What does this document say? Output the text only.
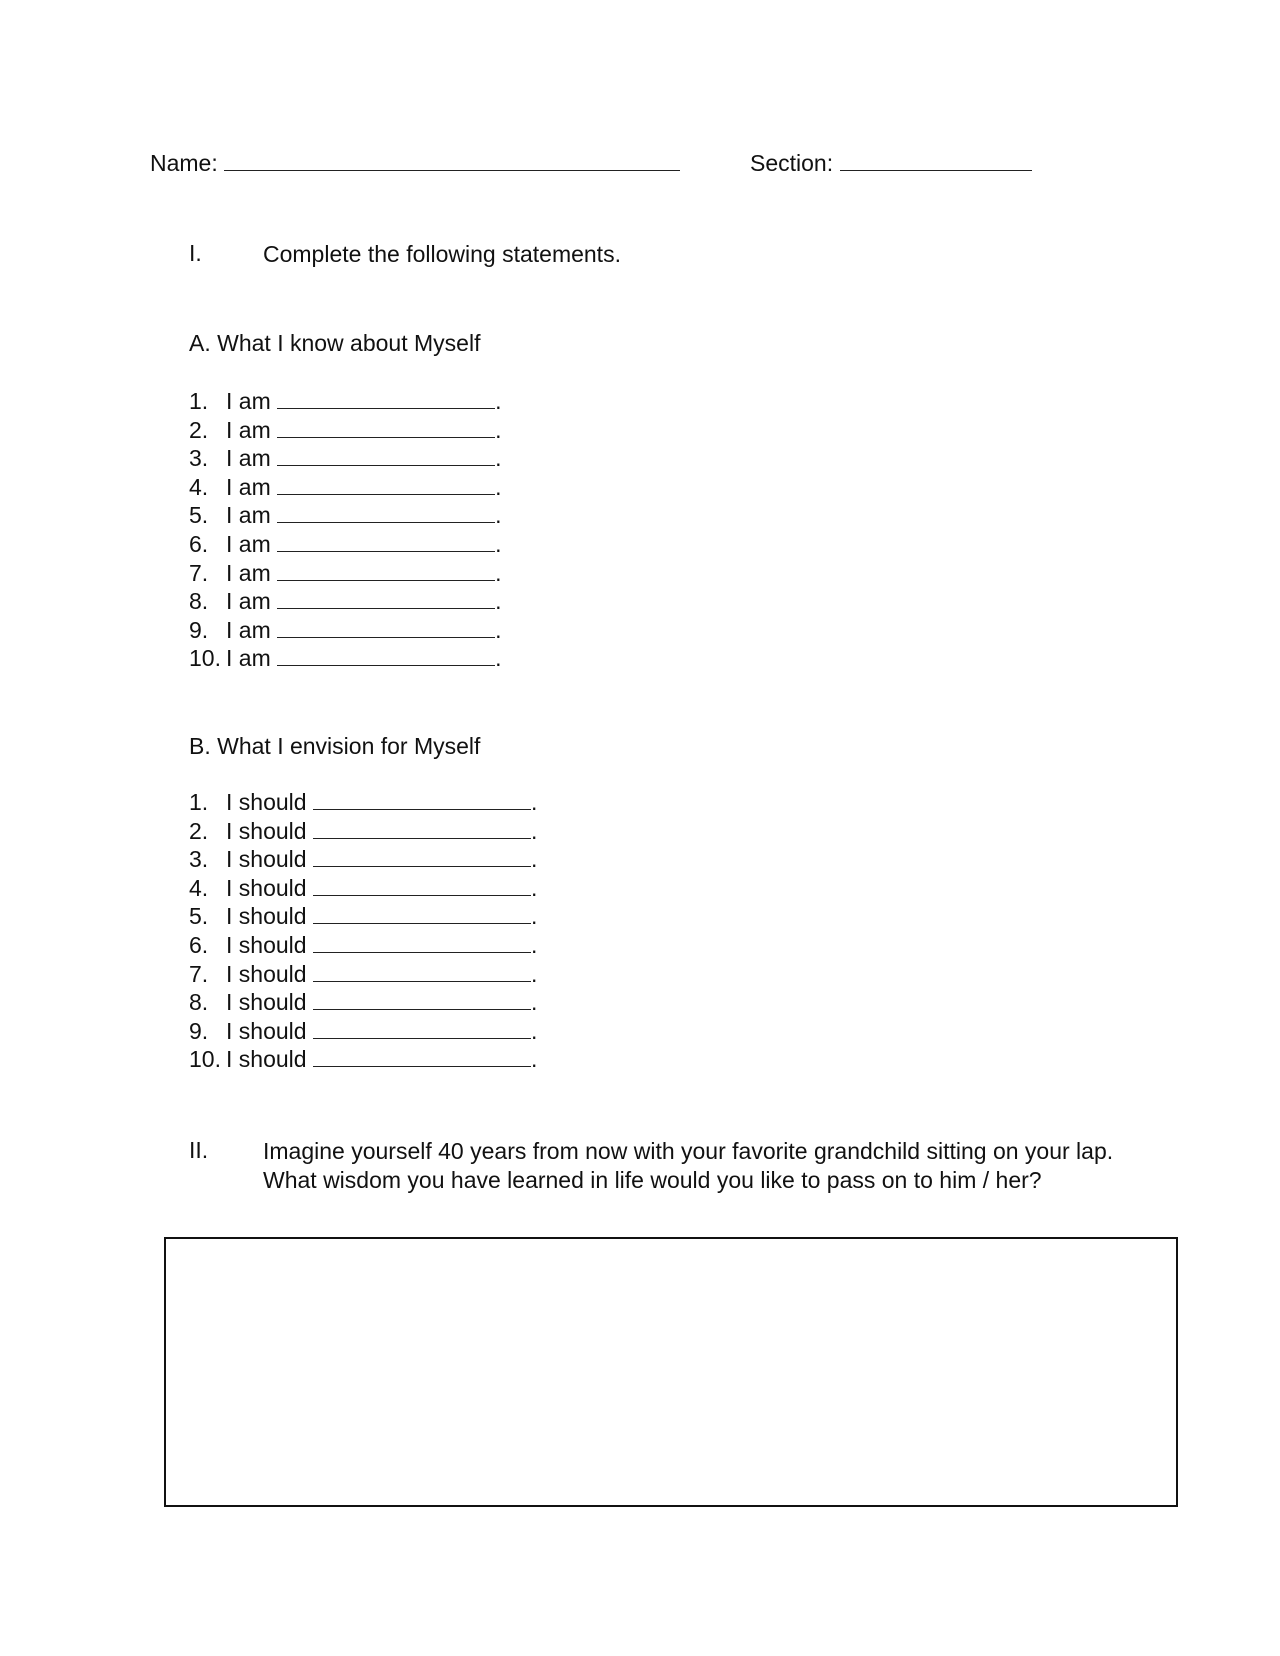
Name:	Section:
I.	Complete the following statements.
A. What I know about Myself
1. I am	.
2. I am	.
3. I am	.
4. I am	.
5. I am	.
6. I am	.
7. I am	.
8. I am	.
9. I am	.
10. I am	.
B. What I envision for Myself
1. I should	.
2. I should	.
3. I should	.
4. I should	.
5. I should	.
6. I should	.
7. I should	.
8. I should	.
9. I should	.
10. I should	.
II.	Imagine yourself 40 years from now with your favorite grandchild sitting on your lap.
What wisdom you have learned in life would you like to pass on to him / her?
